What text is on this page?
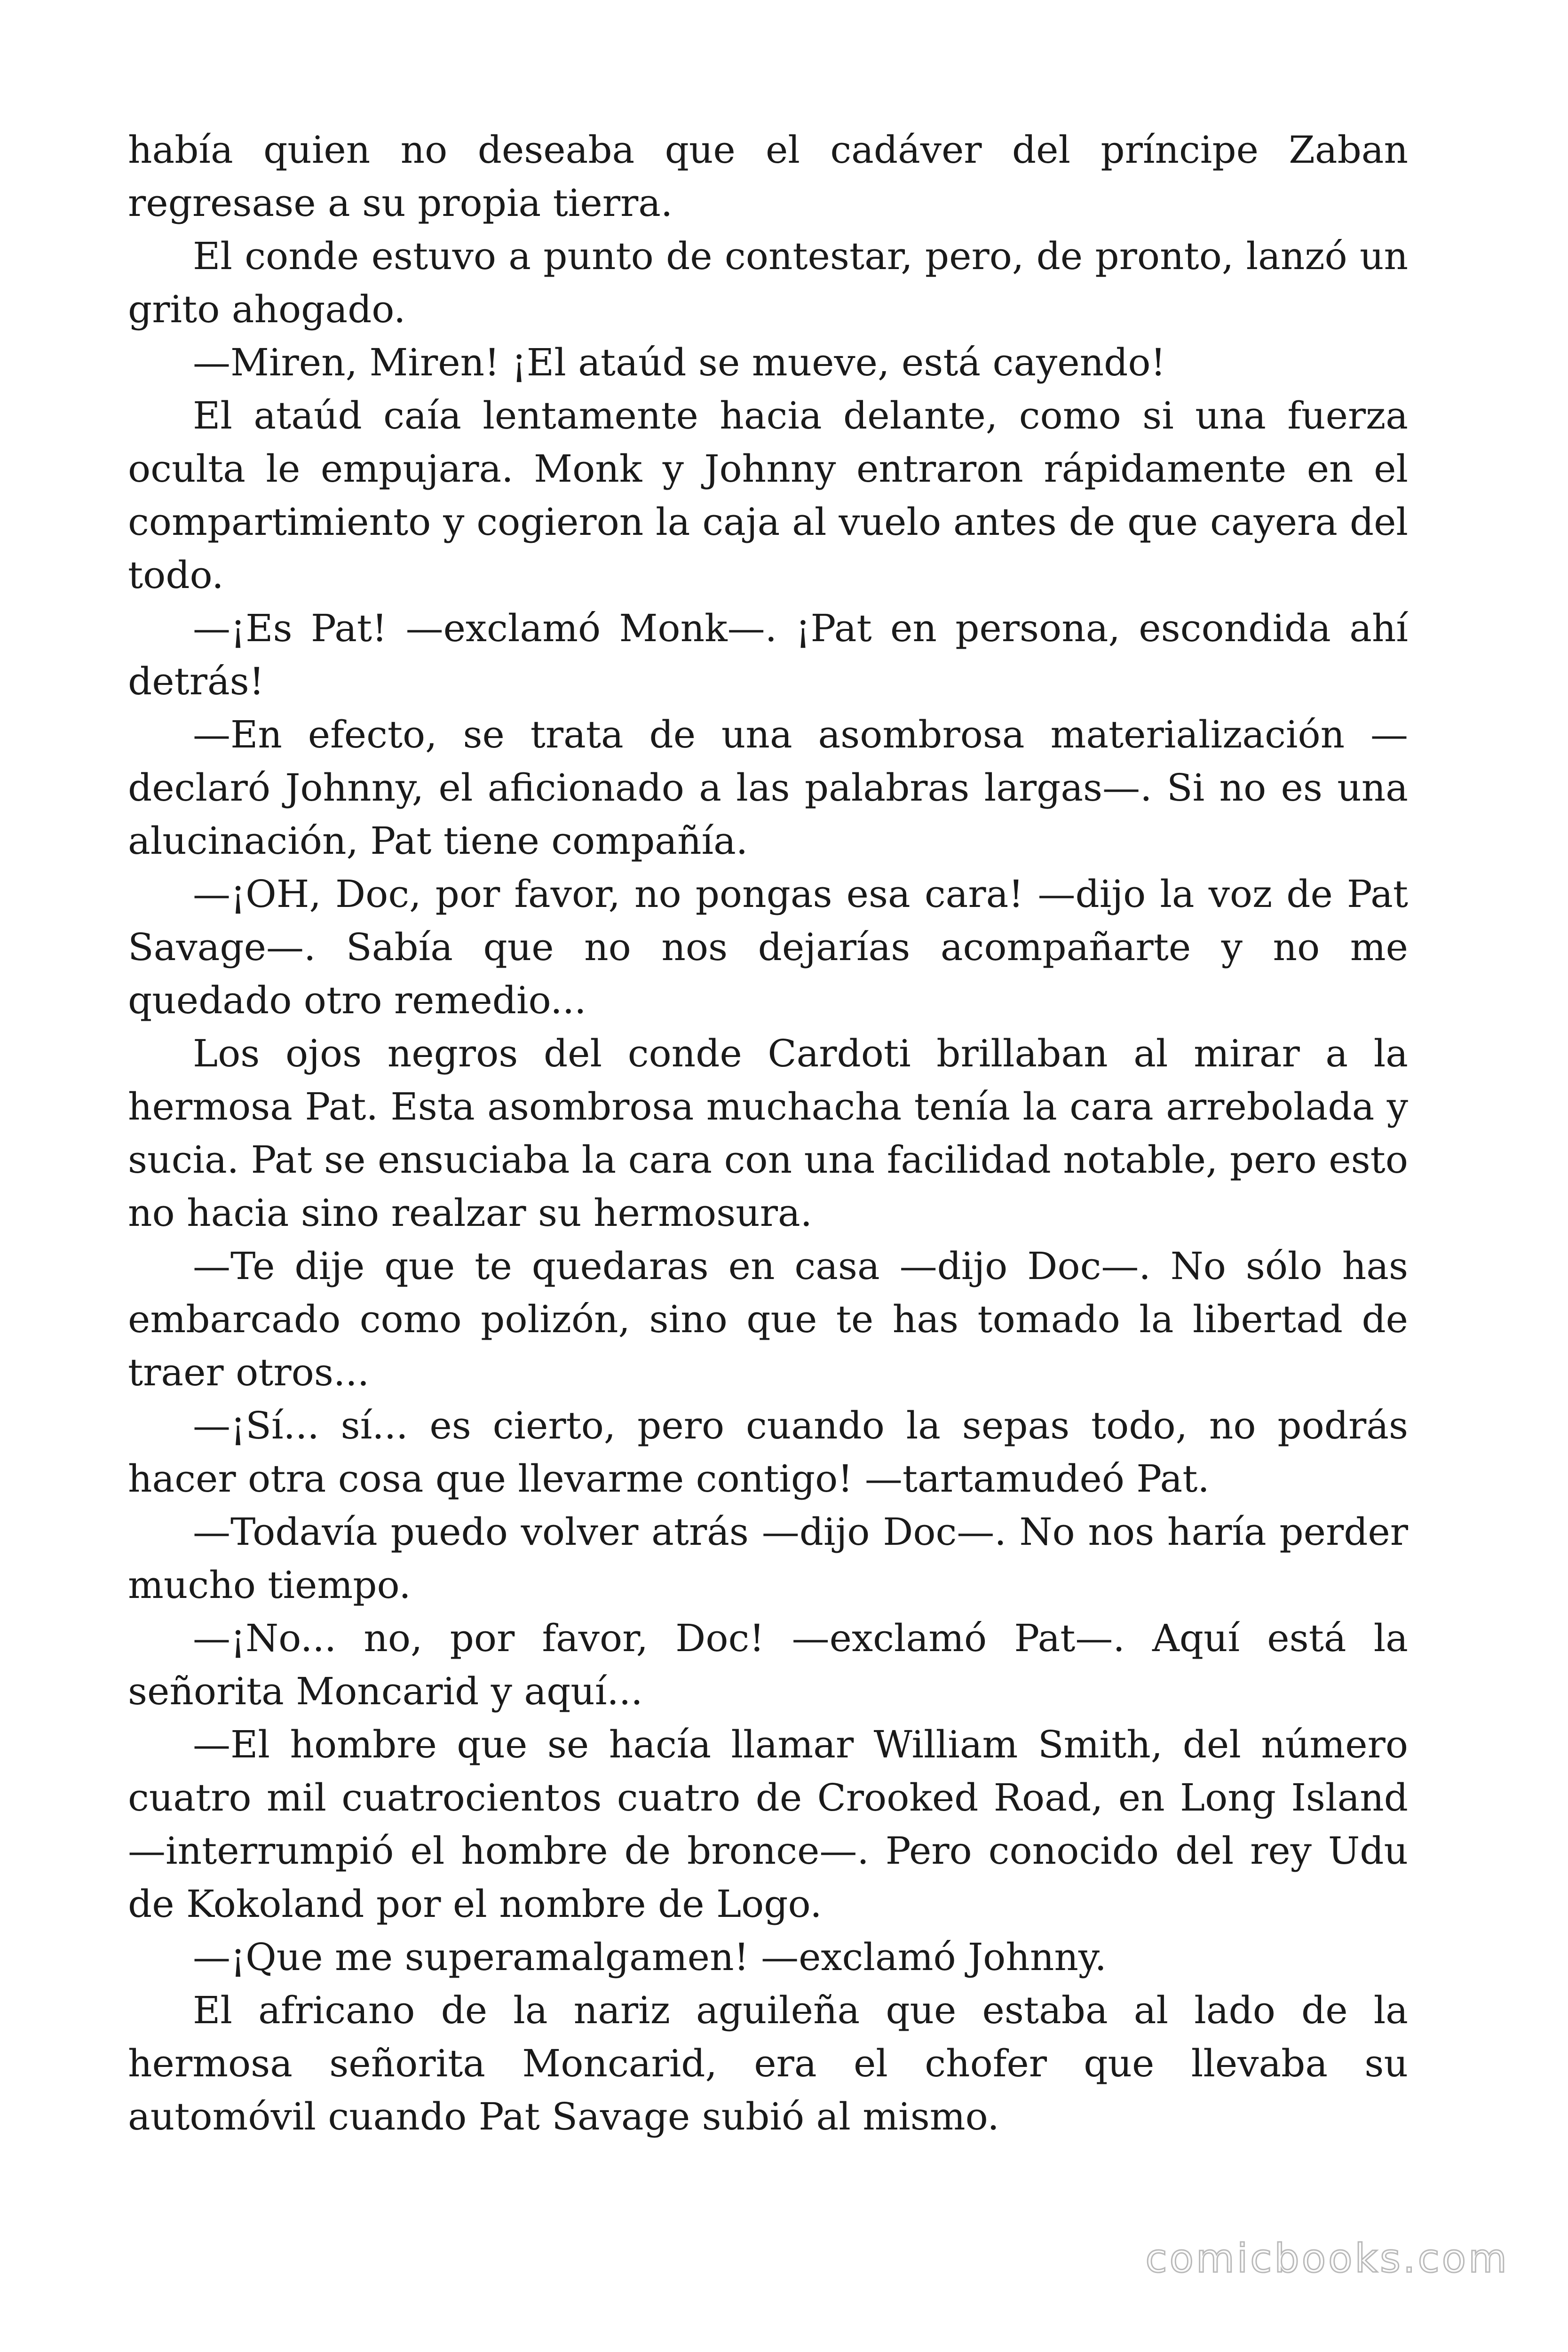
había quien no deseaba que el cadáver del príncipe Zaban regresase a su propia tierra.

El conde estuvo a punto de contestar, pero, de pronto, lanzó un grito ahogado.

—Miren, Miren! ¡El ataúd se mueve, está cayendo!

El ataúd caía lentamente hacia delante, como si una fuerza oculta le empujara. Monk y Johnny entraron rápidamente en el compartimiento y cogieron la caja al vuelo antes de que cayera del todo.

—¡Es Pat! —exclamó Monk—. ¡Pat en persona, escondida ahí detrás!

—En efecto, se trata de una asombrosa materialización —declaró Johnny, el aficionado a las palabras largas—. Si no es una alucinación, Pat tiene compañía.

—¡OH, Doc, por favor, no pongas esa cara! —dijo la voz de Pat Savage—. Sabía que no nos dejarías acompañarte y no me quedado otro remedio...

Los ojos negros del conde Cardoti brillaban al mirar a la hermosa Pat. Esta asombrosa muchacha tenía la cara arrebolada y sucia. Pat se ensuciaba la cara con una facilidad notable, pero esto no hacia sino realzar su hermosura.

—Te dije que te quedaras en casa —dijo Doc—. No sólo has embarcado como polizón, sino que te has tomado la libertad de traer otros...

—¡Sí... sí... es cierto, pero cuando la sepas todo, no podrás hacer otra cosa que llevarme contigo! —tartamudeó Pat.

—Todavía puedo volver atrás —dijo Doc—. No nos haría perder mucho tiempo.

—¡No... no, por favor, Doc! —exclamó Pat—. Aquí está la señorita Moncarid y aquí...

—El hombre que se hacía llamar William Smith, del número cuatro mil cuatrocientos cuatro de Crooked Road, en Long Island —interrumpió el hombre de bronce—. Pero conocido del rey Udu de Kokoland por el nombre de Logo.

—¡Que me superamalgamen! —exclamó Johnny.

El africano de la nariz aguileña que estaba al lado de la hermosa señorita Moncarid, era el chofer que llevaba su automóvil cuando Pat Savage subió al mismo.

comicbooks.com
